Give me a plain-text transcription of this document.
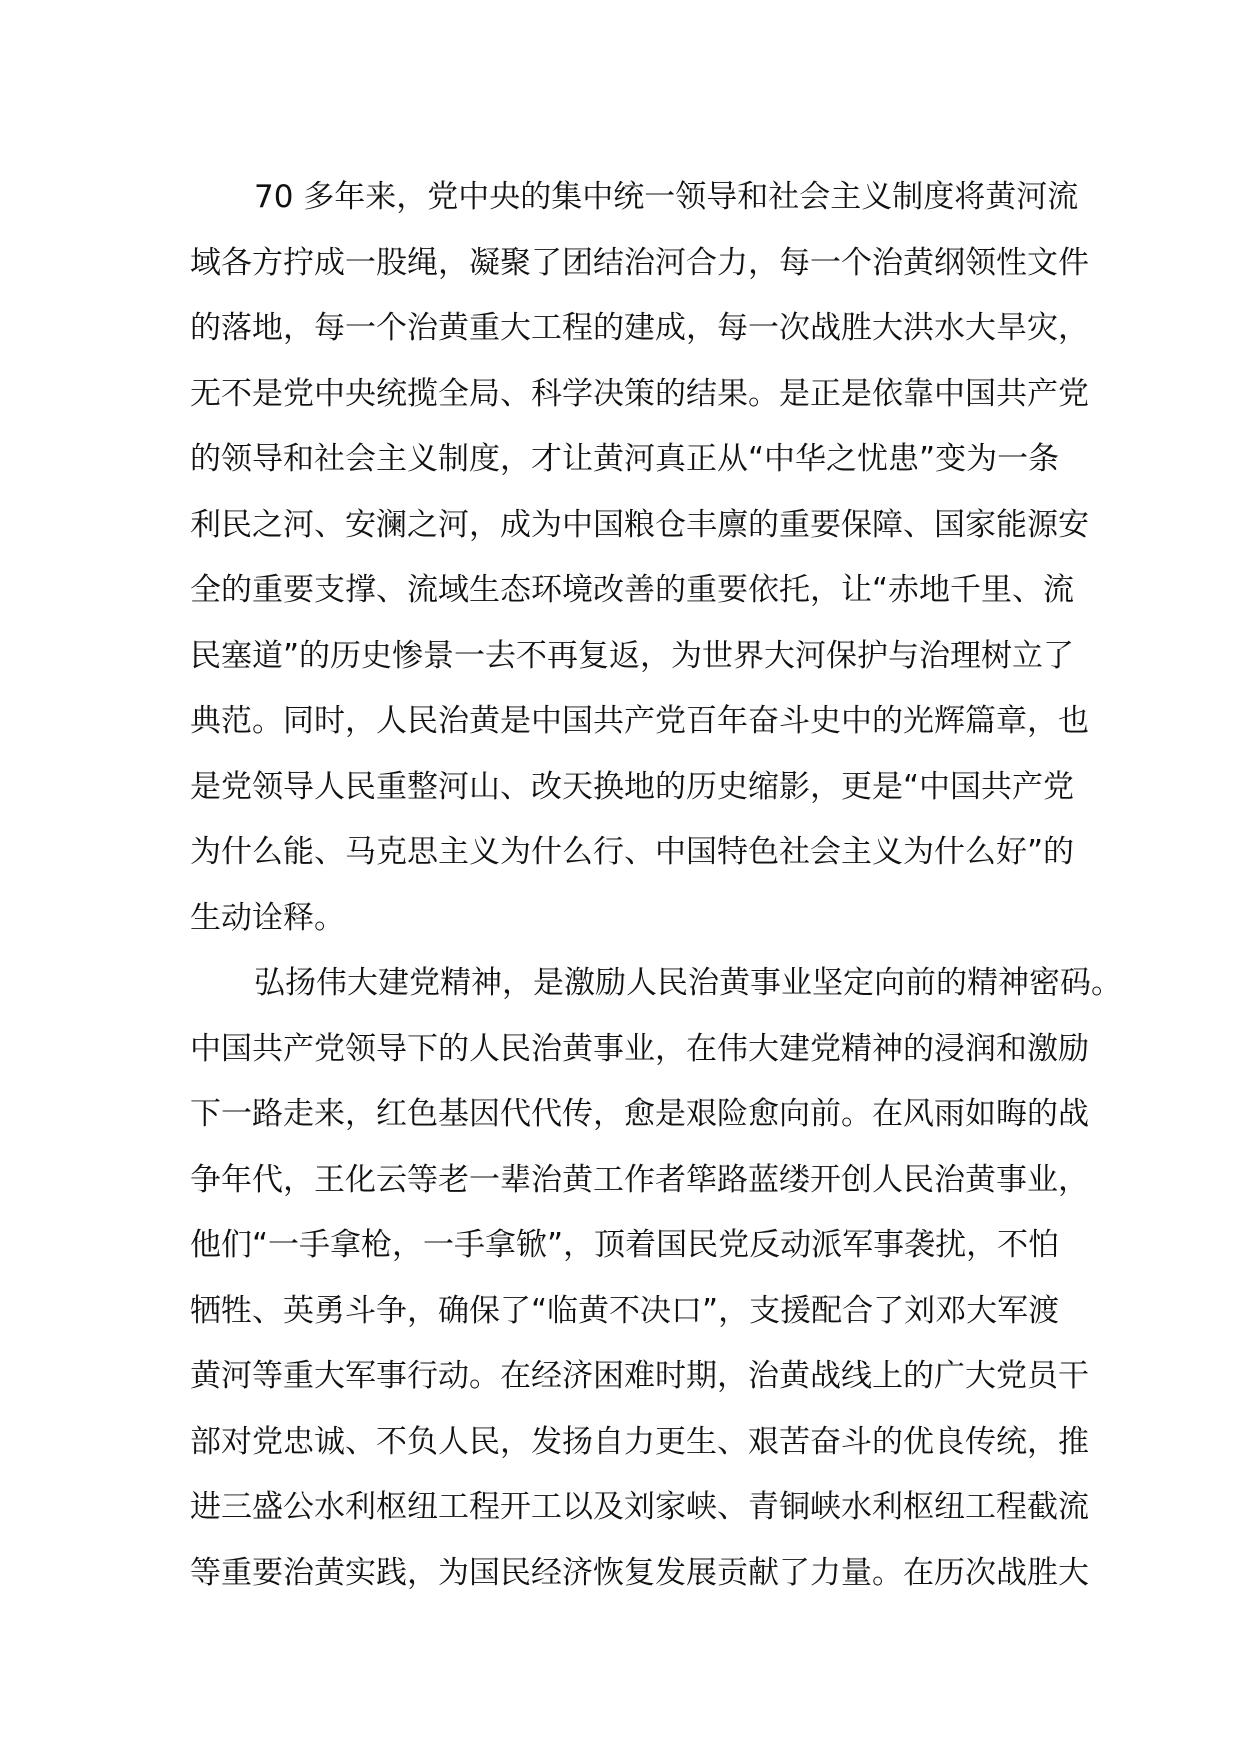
70 多年来，党中央的集中统一领导和社会主义制度将黄河流
域各方拧成一股绳，凝聚了团结治河合力，每一个治黄纲领性文件
的落地，每一个治黄重大工程的建成，每一次战胜大洪水大旱灾，
无不是党中央统揽全局、科学决策的结果。是正是依靠中国共产党
的领导和社会主义制度，才让黄河真正从“中华之忧患”变为一条
利民之河、安澜之河，成为中国粮仓丰廪的重要保障、国家能源安
全的重要支撑、流域生态环境改善的重要依托，让“赤地千里、流
民塞道”的历史惨景一去不再复返，为世界大河保护与治理树立了
典范。同时，人民治黄是中国共产党百年奋斗史中的光辉篇章，也
是党领导人民重整河山、改天换地的历史缩影，更是“中国共产党
为什么能、马克思主义为什么行、中国特色社会主义为什么好”的
生动诠释。
弘扬伟大建党精神，是激励人民治黄事业坚定向前的精神密码。
中国共产党领导下的人民治黄事业，在伟大建党精神的浸润和激励
下一路走来，红色基因代代传，愈是艰险愈向前。在风雨如晦的战
争年代，王化云等老一辈治黄工作者筚路蓝缕开创人民治黄事业，
他们“一手拿枪，一手拿锨”，顶着国民党反动派军事袭扰，不怕
牺牲、英勇斗争，确保了“临黄不决口”，支援配合了刘邓大军渡
黄河等重大军事行动。在经济困难时期，治黄战线上的广大党员干
部对党忠诚、不负人民，发扬自力更生、艰苦奋斗的优良传统，推
进三盛公水利枢纽工程开工以及刘家峡、青铜峡水利枢纽工程截流
等重要治黄实践，为国民经济恢复发展贡献了力量。在历次战胜大
